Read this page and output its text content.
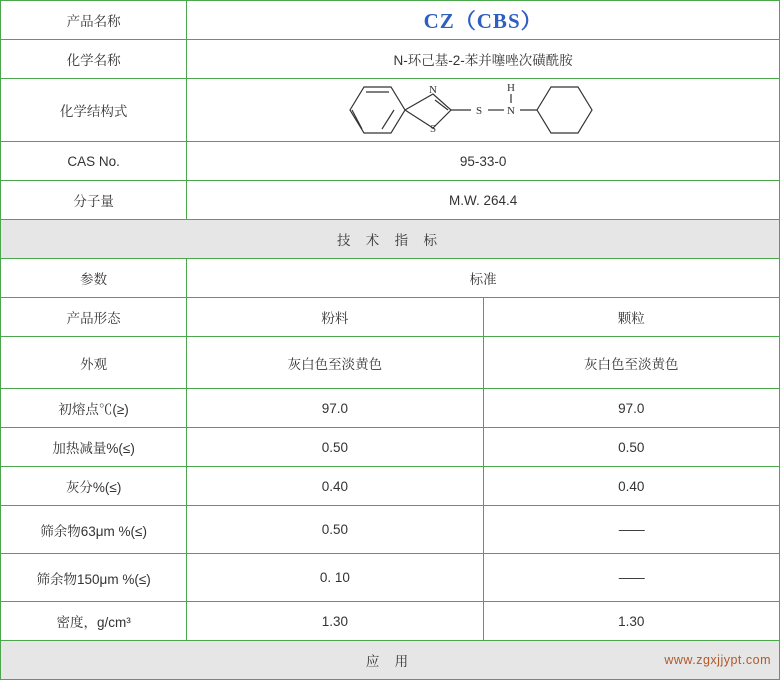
产品名称	CZ（CBS）	
化学名称	N-环己基-2-苯并噻唑次磺酰胺	
化学结构式	N
S
S N
H	

CAS No.	95-33-0	
分子量	M.W. 264.4	
技 术 指 标		
参数	标准	
产品形态	粉料	颗粒
外观	灰白色至淡黄色	灰白色至淡黄色
初熔点℃(≥)	97.0	97.0
加热减量%(≤)	0.50	0.50
灰分%(≤)	0.40	0.40
筛余物63μm %(≤)	0.50	——
筛余物150μm %(≤)	0. 10	——
密度，g/cm³	1.30	1.30
应 用 www.zgxjjypt.com		
